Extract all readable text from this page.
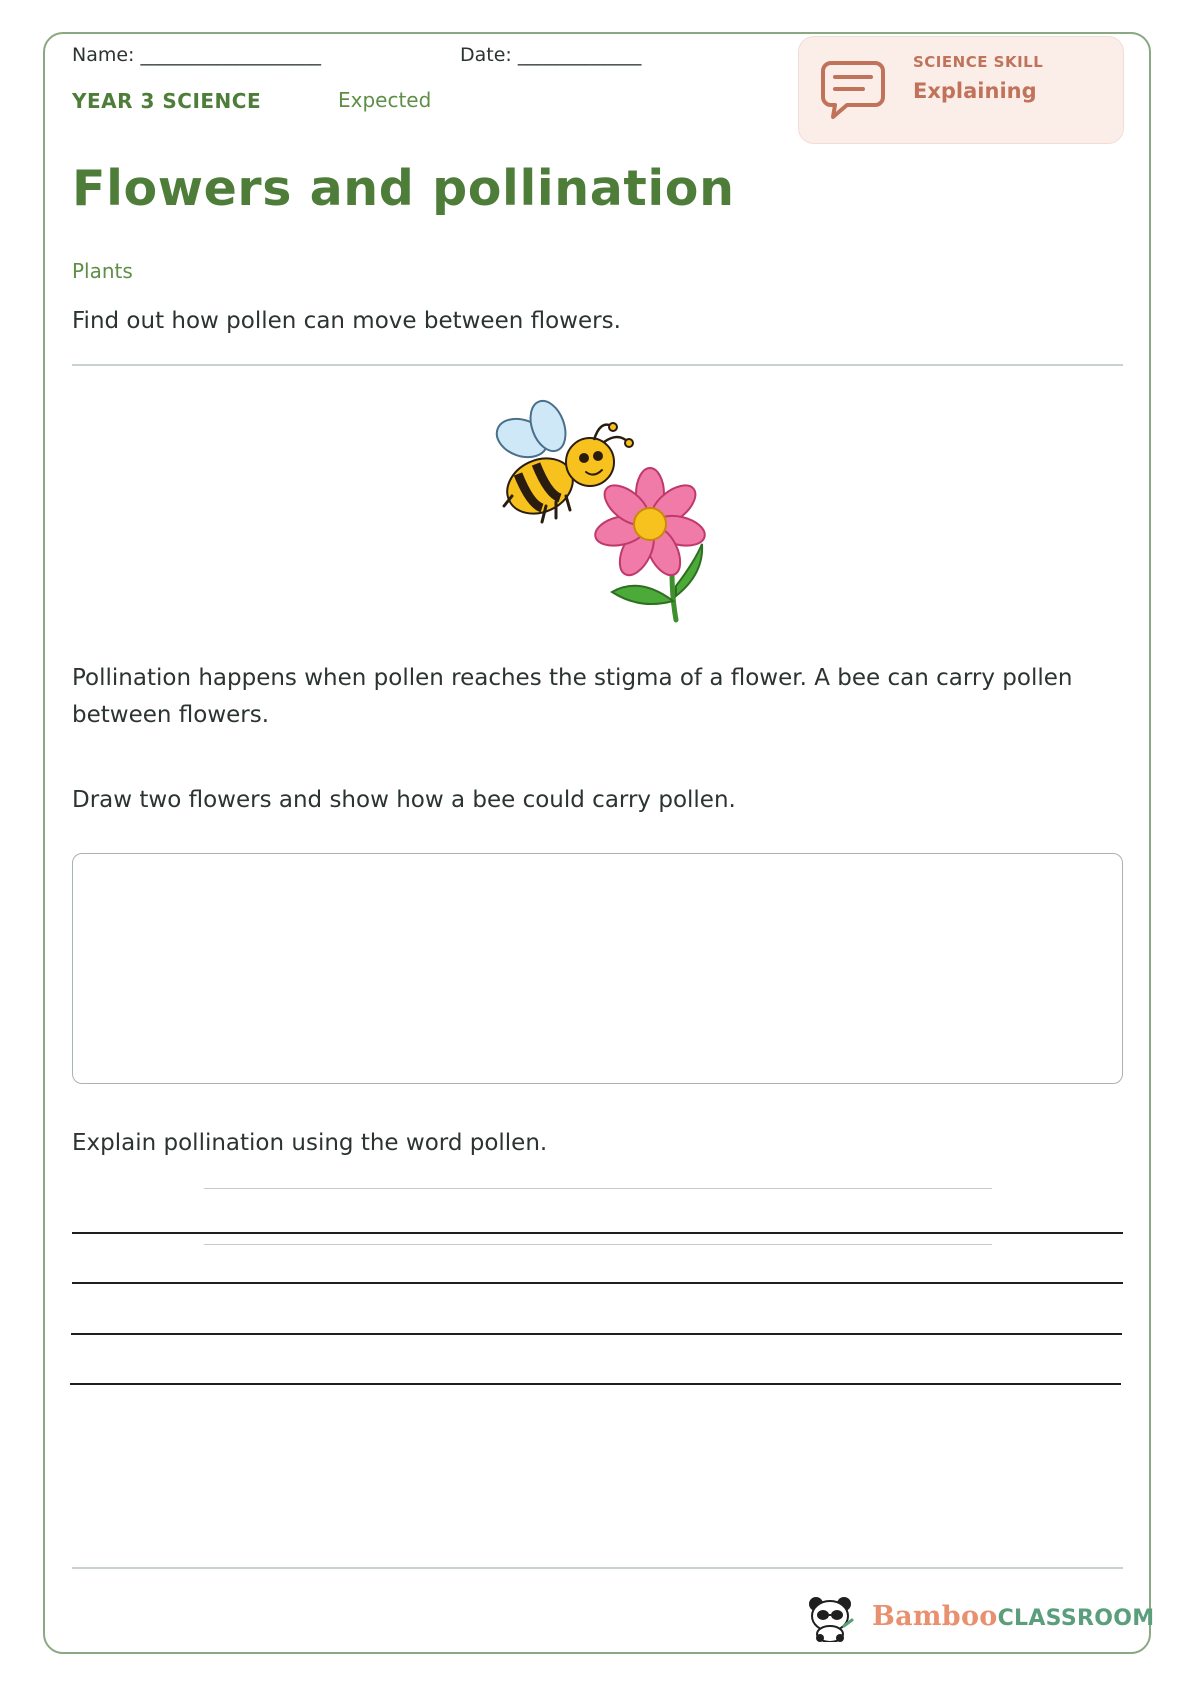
Name: ___________________	Date: _____________
YEAR 3 SCIENCE	Expected
SCIENCE SKILL
Explaining
Flowers and pollination
Plants
Find out how pollen can move between flowers.
Pollination happens when pollen reaches the stigma of a flower. A bee can carry pollen between flowers.
Draw two flowers and show how a bee could carry pollen.
Explain pollination using the word pollen.
BambooCLASSROOM
